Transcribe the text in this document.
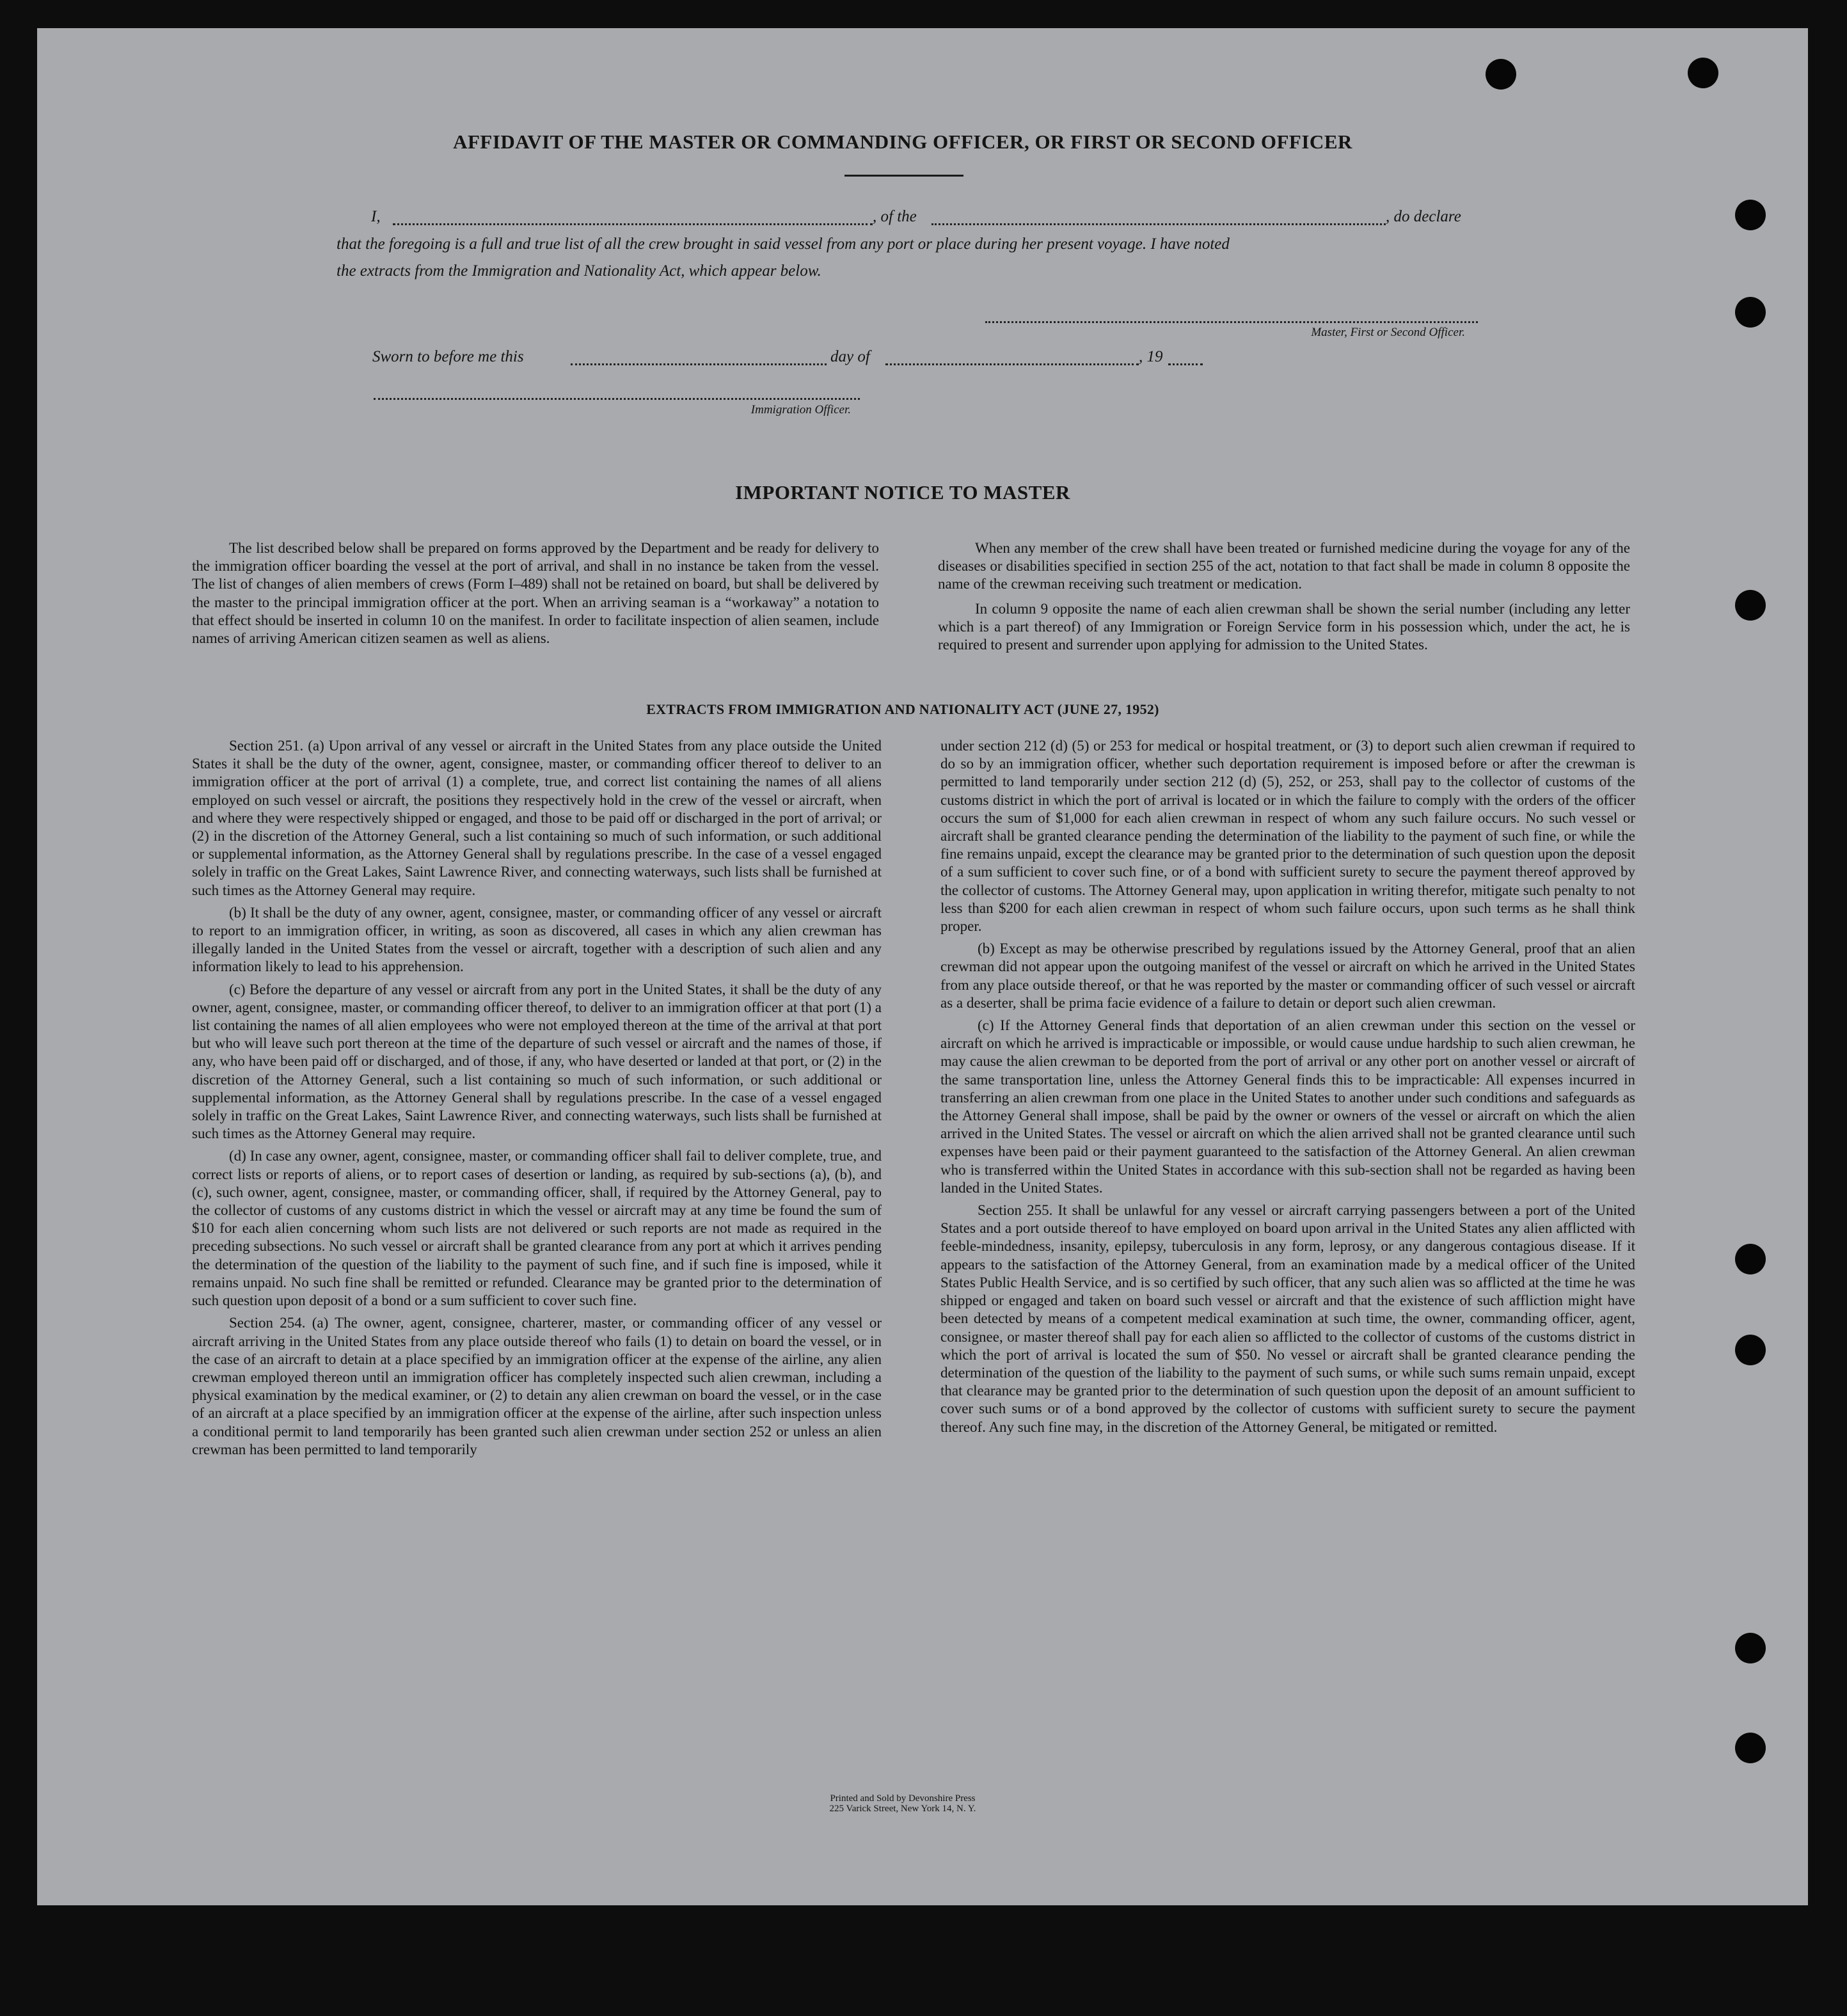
AFFIDAVIT OF THE MASTER OR COMMANDING OFFICER, OR FIRST OR SECOND OFFICER
I,	, of the	, do declare
that the foregoing is a full and true list of all the crew brought in said vessel from any port or place during her present voyage. I have noted
the extracts from the Immigration and Nationality Act, which appear below.
Master, First or Second Officer.
Sworn to before me this	day of	, 19
Immigration Officer.
IMPORTANT NOTICE TO MASTER

The list described below shall be prepared on forms approved by the Department and be ready for delivery to the immigration officer boarding the vessel at the port of arrival, and shall in no instance be taken from the vessel. The list of changes of alien members of crews (Form I–489) shall not be retained on board, but shall be delivered by the master to the principal immigration officer at the port. When an arriving seaman is a “workaway” a notation to that effect should be inserted in column 10 on the manifest. In order to facilitate inspection of alien seamen, include names of arriving American citizen seamen as well as aliens.

When any member of the crew shall have been treated or furnished medicine during the voyage for any of the diseases or disabilities specified in section 255 of the act, notation to that fact shall be made in column 8 opposite the name of the crewman receiving such treatment or medication.

In column 9 opposite the name of each alien crewman shall be shown the serial number (including any letter which is a part thereof) of any Immigration or Foreign Service form in his possession which, under the act, he is required to present and surrender upon applying for admission to the United States.

EXTRACTS FROM IMMIGRATION AND NATIONALITY ACT (JUNE 27, 1952)

Section 251. (a) Upon arrival of any vessel or aircraft in the United States from any place outside the United States it shall be the duty of the owner, agent, consignee, master, or commanding officer thereof to deliver to an immigration officer at the port of arrival (1) a complete, true, and correct list containing the names of all aliens employed on such vessel or aircraft, the positions they respectively hold in the crew of the vessel or aircraft, when and where they were respectively shipped or engaged, and those to be paid off or discharged in the port of arrival; or (2) in the discretion of the Attorney General, such a list containing so much of such information, or such additional or supplemental information, as the Attorney General shall by regulations prescribe. In the case of a vessel engaged solely in traffic on the Great Lakes, Saint Lawrence River, and connecting waterways, such lists shall be furnished at such times as the Attorney General may require.

(b) It shall be the duty of any owner, agent, consignee, master, or commanding officer of any vessel or aircraft to report to an immigration officer, in writing, as soon as discovered, all cases in which any alien crewman has illegally landed in the United States from the vessel or aircraft, together with a description of such alien and any information likely to lead to his apprehension.

(c) Before the departure of any vessel or aircraft from any port in the United States, it shall be the duty of any owner, agent, consignee, master, or commanding officer thereof, to deliver to an immigration officer at that port (1) a list containing the names of all alien employees who were not employed thereon at the time of the arrival at that port but who will leave such port thereon at the time of the departure of such vessel or aircraft and the names of those, if any, who have been paid off or discharged, and of those, if any, who have deserted or landed at that port, or (2) in the discretion of the Attorney General, such a list containing so much of such information, or such additional or supplemental information, as the Attorney General shall by regulations prescribe. In the case of a vessel engaged solely in traffic on the Great Lakes, Saint Lawrence River, and connecting waterways, such lists shall be furnished at such times as the Attorney General may require.

(d) In case any owner, agent, consignee, master, or commanding officer shall fail to deliver complete, true, and correct lists or reports of aliens, or to report cases of desertion or landing, as required by sub-sections (a), (b), and (c), such owner, agent, consignee, master, or commanding officer, shall, if required by the Attorney General, pay to the collector of customs of any customs district in which the vessel or aircraft may at any time be found the sum of $10 for each alien concerning whom such lists are not delivered or such reports are not made as required in the preceding subsections. No such vessel or aircraft shall be granted clearance from any port at which it arrives pending the determination of the question of the liability to the payment of such fine, and if such fine is imposed, while it remains unpaid. No such fine shall be remitted or refunded. Clearance may be granted prior to the determination of such question upon deposit of a bond or a sum sufficient to cover such fine.

Section 254. (a) The owner, agent, consignee, charterer, master, or commanding officer of any vessel or aircraft arriving in the United States from any place outside thereof who fails (1) to detain on board the vessel, or in the case of an aircraft to detain at a place specified by an immigration officer at the expense of the airline, any alien crewman employed thereon until an immigration officer has completely inspected such alien crewman, including a physical examination by the medical examiner, or (2) to detain any alien crewman on board the vessel, or in the case of an aircraft at a place specified by an immigration officer at the expense of the airline, after such inspection unless a conditional permit to land temporarily has been granted such alien crewman under section 252 or unless an alien crewman has been permitted to land temporarily

under section 212 (d) (5) or 253 for medical or hospital treatment, or (3) to deport such alien crewman if required to do so by an immigration officer, whether such deportation requirement is imposed before or after the crewman is permitted to land temporarily under section 212 (d) (5), 252, or 253, shall pay to the collector of customs of the customs district in which the port of arrival is located or in which the failure to comply with the orders of the officer occurs the sum of $1,000 for each alien crewman in respect of whom any such failure occurs. No such vessel or aircraft shall be granted clearance pending the determination of the liability to the payment of such fine, or while the fine remains unpaid, except the clearance may be granted prior to the determination of such question upon the deposit of a sum sufficient to cover such fine, or of a bond with sufficient surety to secure the payment thereof approved by the collector of customs. The Attorney General may, upon application in writing therefor, mitigate such penalty to not less than $200 for each alien crewman in respect of whom such failure occurs, upon such terms as he shall think proper.

(b) Except as may be otherwise prescribed by regulations issued by the Attorney General, proof that an alien crewman did not appear upon the outgoing manifest of the vessel or aircraft on which he arrived in the United States from any place outside thereof, or that he was reported by the master or commanding officer of such vessel or aircraft as a deserter, shall be prima facie evidence of a failure to detain or deport such alien crewman.

(c) If the Attorney General finds that deportation of an alien crewman under this section on the vessel or aircraft on which he arrived is impracticable or impossible, or would cause undue hardship to such alien crewman, he may cause the alien crewman to be deported from the port of arrival or any other port on another vessel or aircraft of the same transportation line, unless the Attorney General finds this to be impracticable: All expenses incurred in transferring an alien crewman from one place in the United States to another under such conditions and safeguards as the Attorney General shall impose, shall be paid by the owner or owners of the vessel or aircraft on which the alien arrived in the United States. The vessel or aircraft on which the alien arrived shall not be granted clearance until such expenses have been paid or their payment guaranteed to the satisfaction of the Attorney General. An alien crewman who is transferred within the United States in accordance with this sub-section shall not be regarded as having been landed in the United States.

Section 255. It shall be unlawful for any vessel or aircraft carrying passengers between a port of the United States and a port outside thereof to have employed on board upon arrival in the United States any alien afflicted with feeble-mindedness, insanity, epilepsy, tuberculosis in any form, leprosy, or any dangerous contagious disease. If it appears to the satisfaction of the Attorney General, from an examination made by a medical officer of the United States Public Health Service, and is so certified by such officer, that any such alien was so afflicted at the time he was shipped or engaged and taken on board such vessel or aircraft and that the existence of such affliction might have been detected by means of a competent medical examination at such time, the owner, commanding officer, agent, consignee, or master thereof shall pay for each alien so afflicted to the collector of customs of the customs district in which the port of arrival is located the sum of $50. No vessel or aircraft shall be granted clearance pending the determination of the question of the liability to the payment of such sums, or while such sums remain unpaid, except that clearance may be granted prior to the determination of such question upon the deposit of an amount sufficient to cover such sums or of a bond approved by the collector of customs with sufficient surety to secure the payment thereof. Any such fine may, in the discretion of the Attorney General, be mitigated or remitted.

Printed and Sold by Devonshire Press
225 Varick Street, New York 14, N. Y.
